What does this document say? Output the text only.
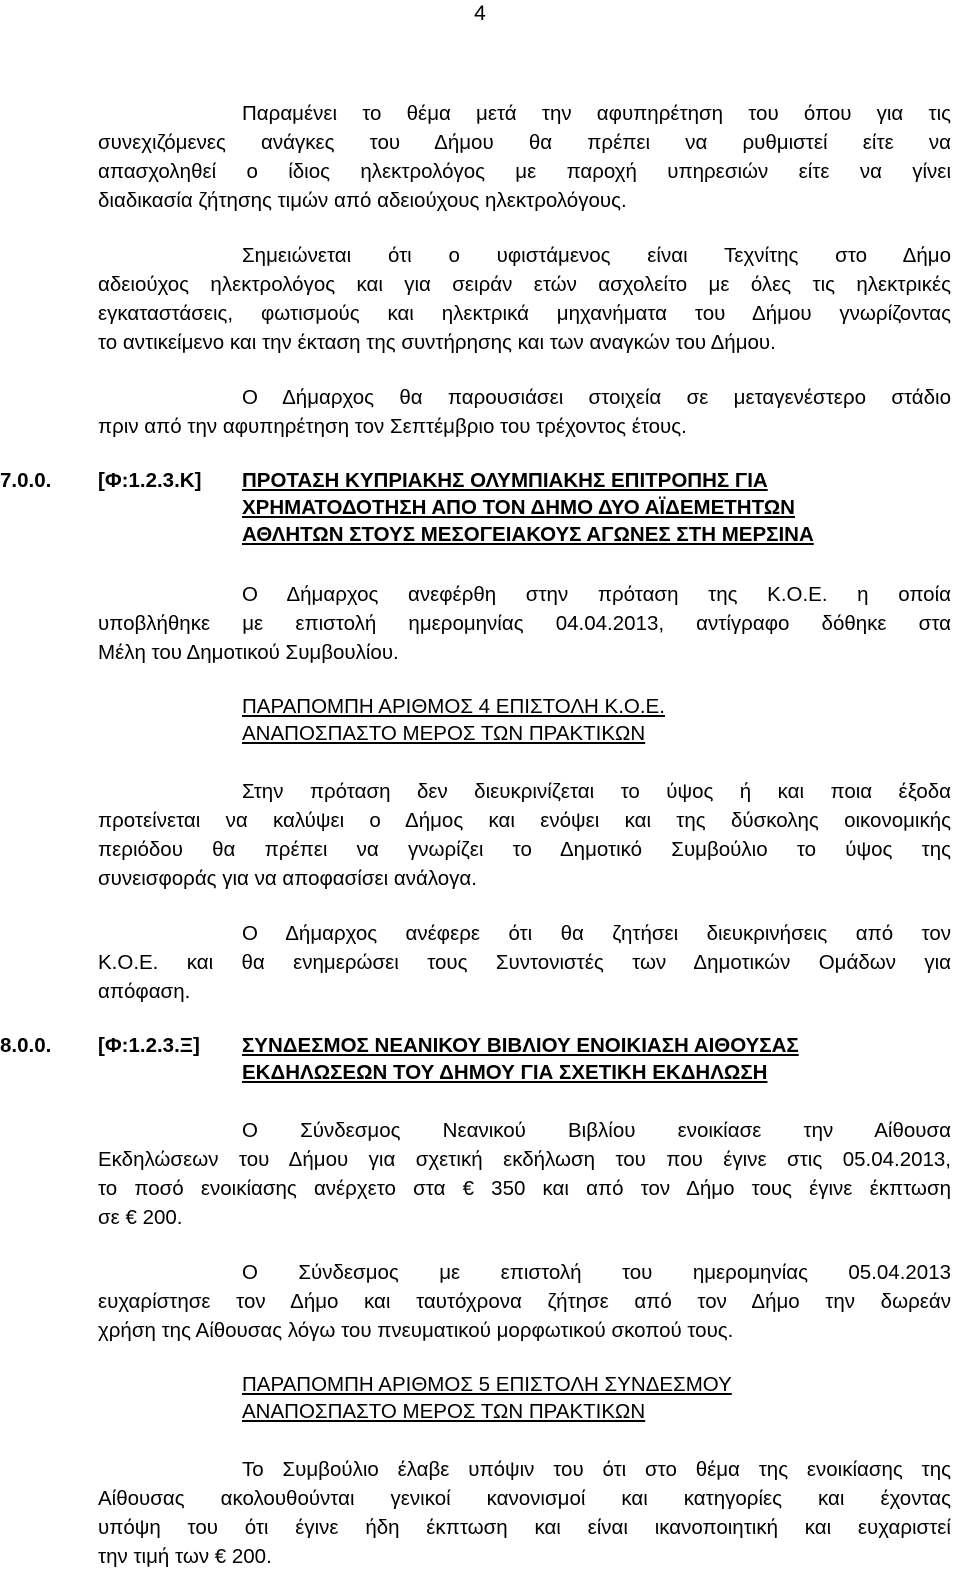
4
Παραμένει το θέμα μετά την αφυπηρέτηση του όπου για τις
συνεχιζόμενες ανάγκες του Δήμου θα πρέπει να ρυθμιστεί είτε να
απασχοληθεί ο ίδιος ηλεκτρολόγος με παροχή υπηρεσιών είτε να γίνει
διαδικασία ζήτησης τιμών από αδειούχους ηλεκτρολόγους.
Σημειώνεται ότι ο υφιστάμενος είναι Τεχνίτης στο Δήμο
αδειούχος ηλεκτρολόγος και για σειράν ετών ασχολείτο με όλες τις ηλεκτρικές
εγκαταστάσεις, φωτισμούς και ηλεκτρικά μηχανήματα του Δήμου γνωρίζοντας
το αντικείμενο και την έκταση της συντήρησης και των αναγκών του Δήμου.
Ο Δήμαρχος θα παρουσιάσει στοιχεία σε μεταγενέστερο στάδιο
πριν από την αφυπηρέτηση τον Σεπτέμβριο του τρέχοντος έτους.
7.0.0. [Φ:1.2.3.Κ] ΠΡΟΤΑΣΗ ΚΥΠΡΙΑΚΗΣ ΟΛΥΜΠΙΑΚΗΣ ΕΠΙΤΡΟΠΗΣ ΓΙΑ
ΧΡΗΜΑΤΟΔΟΤΗΣΗ ΑΠΟ ΤΟΝ ΔΗΜΟ ΔΥΟ ΑΪΔΕΜΕΤΗΤΩΝ
ΑΘΛΗΤΩΝ ΣΤΟΥΣ ΜΕΣΟΓΕΙΑΚΟΥΣ ΑΓΩΝΕΣ ΣΤΗ ΜΕΡΣΙΝΑ
Ο Δήμαρχος ανεφέρθη στην πρόταση της Κ.Ο.Ε. η οποία
υποβλήθηκε με επιστολή ημερομηνίας 04.04.2013, αντίγραφο δόθηκε στα
Μέλη του Δημοτικού Συμβουλίου.
ΠΑΡΑΠΟΜΠΗ ΑΡΙΘΜΟΣ 4 ΕΠΙΣΤΟΛΗ Κ.Ο.Ε.
ΑΝΑΠΟΣΠΑΣΤΟ ΜΕΡΟΣ ΤΩΝ ΠΡΑΚΤΙΚΩΝ
Στην πρόταση δεν διευκρινίζεται το ύψος ή και ποια έξοδα
προτείνεται να καλύψει ο Δήμος και ενόψει και της δύσκολης οικονομικής
περιόδου θα πρέπει να γνωρίζει το Δημοτικό Συμβούλιο το ύψος της
συνεισφοράς για να αποφασίσει ανάλογα.
Ο Δήμαρχος ανέφερε ότι θα ζητήσει διευκρινήσεις από τον
Κ.Ο.Ε. και θα ενημερώσει τους Συντονιστές των Δημοτικών Ομάδων για
απόφαση.
8.0.0. [Φ:1.2.3.Ξ] ΣΥΝΔΕΣΜΟΣ ΝΕΑΝΙΚΟΥ ΒΙΒΛΙΟΥ ΕΝΟΙΚΙΑΣΗ ΑΙΘΟΥΣΑΣ
ΕΚΔΗΛΩΣΕΩΝ ΤΟΥ ΔΗΜΟΥ ΓΙΑ ΣΧΕΤΙΚΗ ΕΚΔΗΛΩΣΗ
Ο Σύνδεσμος Νεανικού Βιβλίου ενοικίασε την Αίθουσα
Εκδηλώσεων του Δήμου για σχετική εκδήλωση του που έγινε στις 05.04.2013,
το ποσό ενοικίασης ανέρχετο στα € 350 και από τον Δήμο τους έγινε έκπτωση
σε € 200.
Ο Σύνδεσμος με επιστολή του ημερομηνίας 05.04.2013
ευχαρίστησε τον Δήμο και ταυτόχρονα ζήτησε από τον Δήμο την δωρεάν
χρήση της Αίθουσας λόγω του πνευματικού μορφωτικού σκοπού τους.
ΠΑΡΑΠΟΜΠΗ ΑΡΙΘΜΟΣ 5 ΕΠΙΣΤΟΛΗ ΣΥΝΔΕΣΜΟΥ
ΑΝΑΠΟΣΠΑΣΤΟ ΜΕΡΟΣ ΤΩΝ ΠΡΑΚΤΙΚΩΝ
Το Συμβούλιο έλαβε υπόψιν του ότι στο θέμα της ενοικίασης της
Αίθουσας ακολουθούνται γενικοί κανονισμοί και κατηγορίες και έχοντας
υπόψη του ότι έγινε ήδη έκπτωση και είναι ικανοποιητική και ευχαριστεί
την τιμή των € 200.
